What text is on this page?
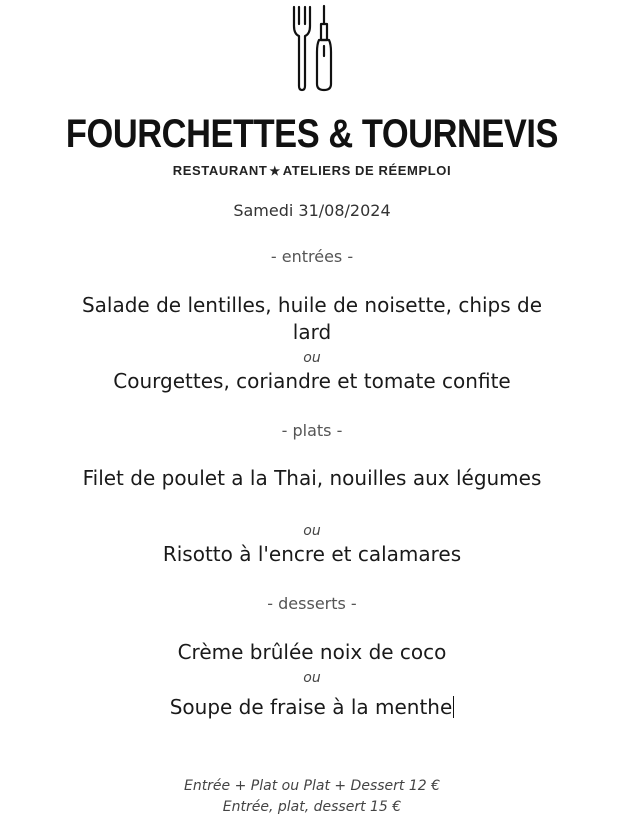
FOURCHETTES & TOURNEVIS
RESTAURANT ★ ATELIERS DE RÉEMPLOI
Samedi 31/08/2024
- entrées -
Salade de lentilles, huile de noisette, chips de lard
ou
Courgettes, coriandre et tomate confite
- plats -
Filet de poulet a la Thai, nouilles aux légumes
ou
Risotto à l'encre et calamares
- desserts -
Crème brûlée noix de coco
ou
Soupe de fraise à la menthe
Entrée + Plat ou Plat + Dessert 12 €
Entrée, plat, dessert 15 €
